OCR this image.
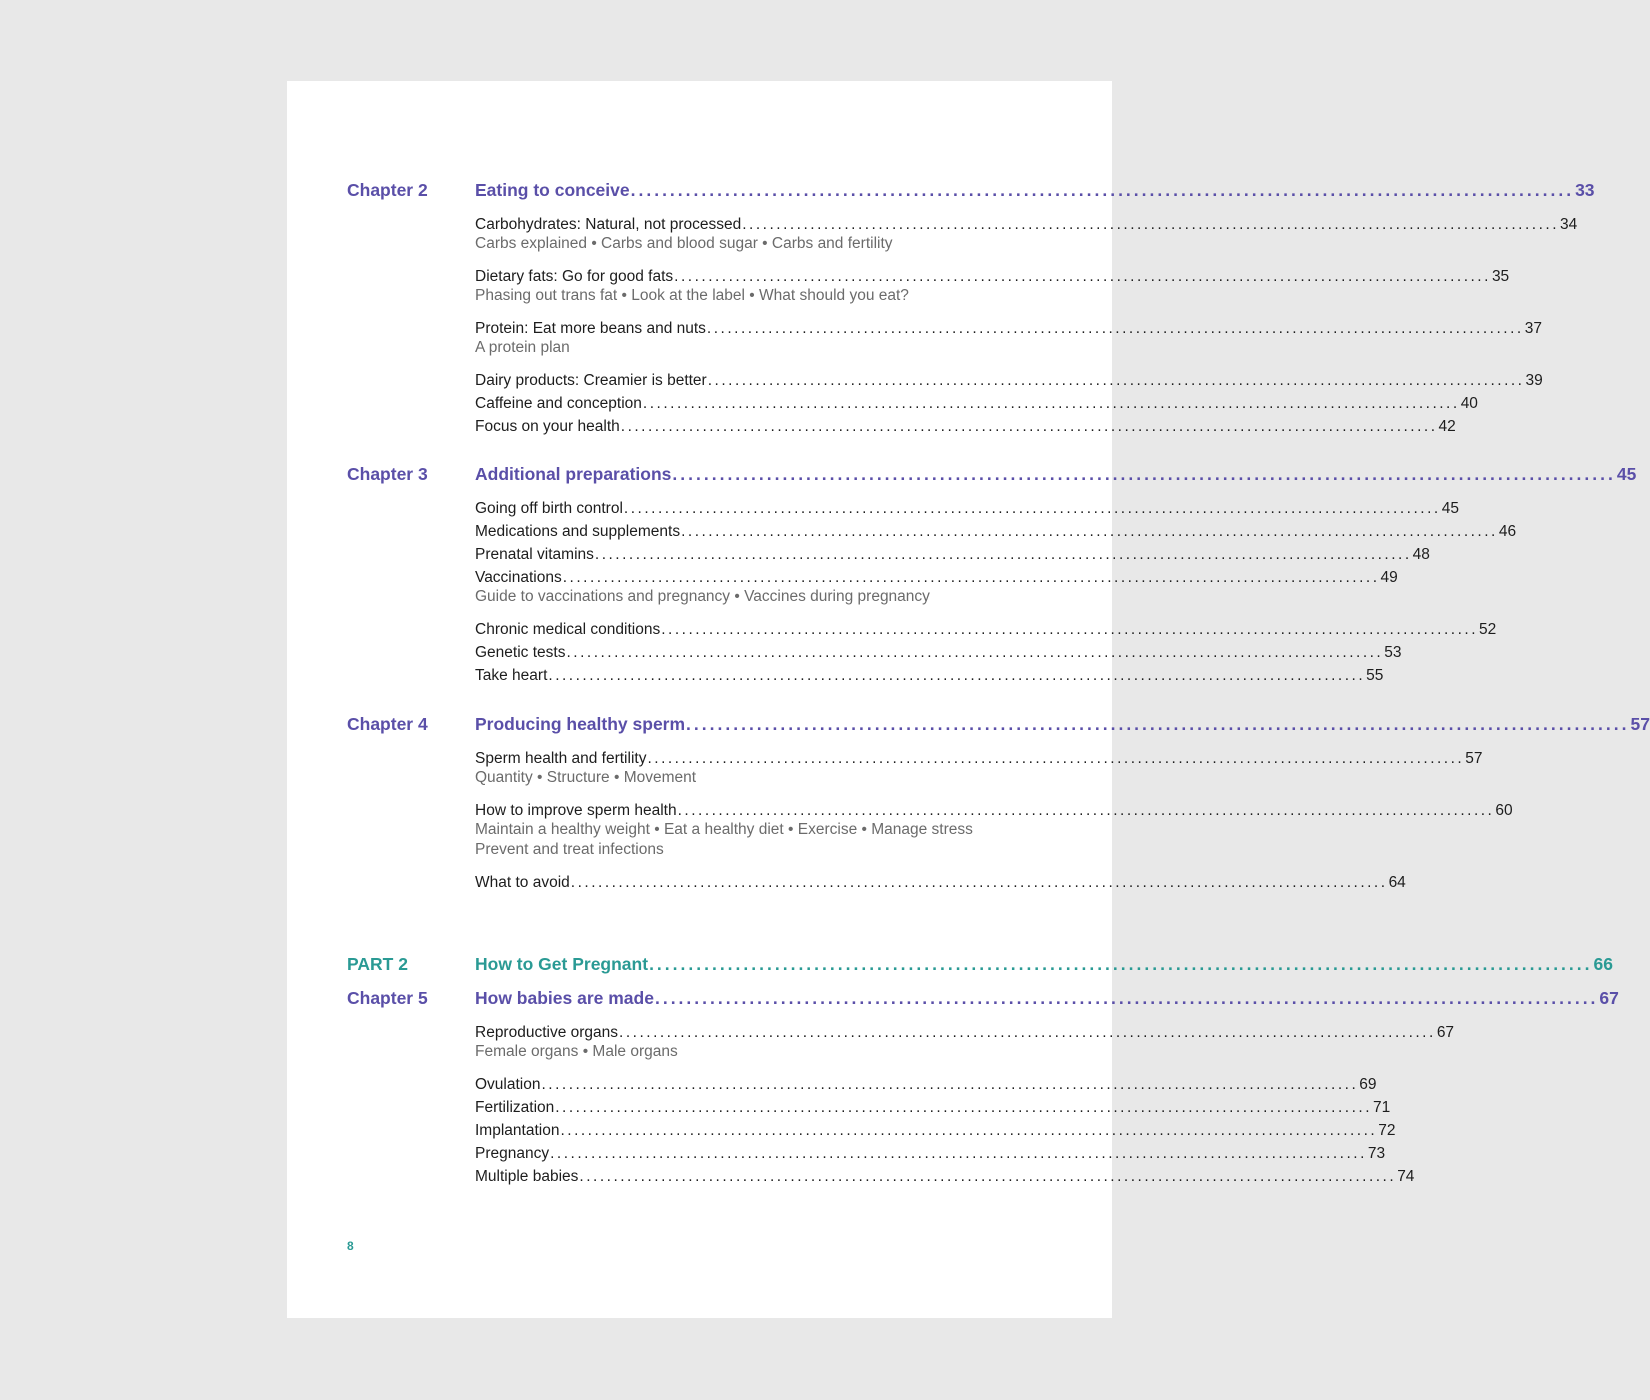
Chapter 2	Eating to conceive ........................................................................................................................ 33
Carbohydrates: Natural, not processed ........................................................................................................................ 34
Carbs explained • Carbs and blood sugar • Carbs and fertility
Dietary fats: Go for good fats ........................................................................................................................ 35
Phasing out trans fat • Look at the label • What should you eat?
Protein: Eat more beans and nuts ........................................................................................................................ 37
A protein plan
Dairy products: Creamier is better ........................................................................................................................ 39
Caffeine and conception ........................................................................................................................ 40
Focus on your health ........................................................................................................................ 42
Chapter 3	Additional preparations ........................................................................................................................ 45
Going off birth control ........................................................................................................................ 45
Medications and supplements ........................................................................................................................ 46
Prenatal vitamins ........................................................................................................................ 48
Vaccinations ........................................................................................................................ 49
Guide to vaccinations and pregnancy • Vaccines during pregnancy
Chronic medical conditions ........................................................................................................................ 52
Genetic tests ........................................................................................................................ 53
Take heart ........................................................................................................................ 55
Chapter 4	Producing healthy sperm ........................................................................................................................ 57
Sperm health and fertility ........................................................................................................................ 57
Quantity • Structure • Movement
How to improve sperm health ........................................................................................................................ 60
Maintain a healthy weight • Eat a healthy diet • Exercise • Manage stress
Prevent and treat infections
What to avoid ........................................................................................................................ 64
PART 2	How to Get Pregnant ........................................................................................................................ 66
Chapter 5	How babies are made ........................................................................................................................ 67
Reproductive organs ........................................................................................................................ 67
Female organs • Male organs
Ovulation ........................................................................................................................ 69
Fertilization ........................................................................................................................ 71
Implantation ........................................................................................................................ 72
Pregnancy ........................................................................................................................ 73
Multiple babies ........................................................................................................................ 74
8
